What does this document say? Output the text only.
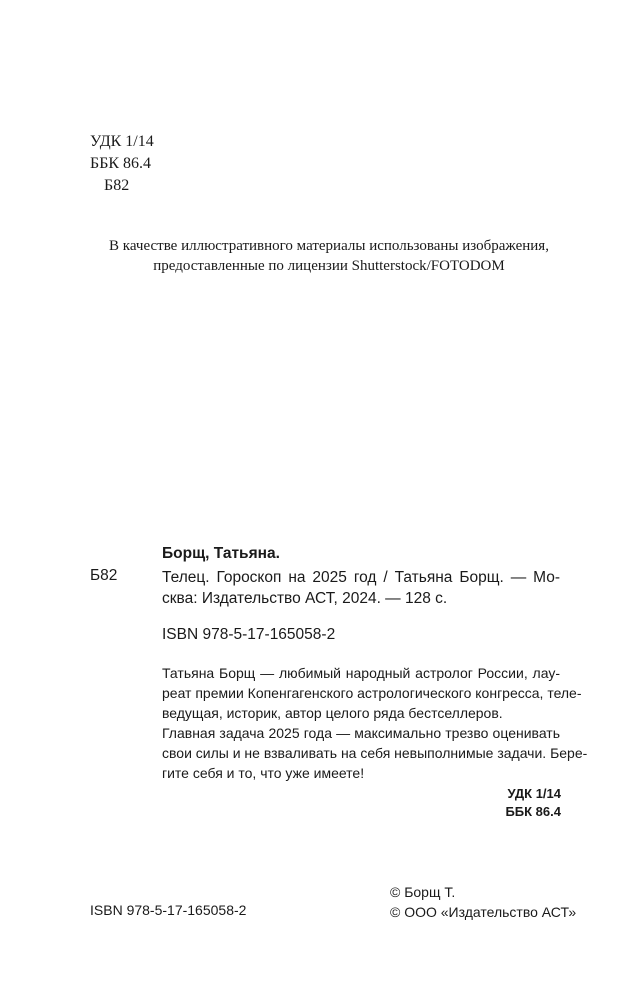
УДК 1/14
ББК 86.4
Б82
В качестве иллюстративного материалы использованы изображения,
предоставленные по лицензии Shutterstock/FOTODOM
Борщ, Татьяна.
Б82	Телец. Гороскоп на 2025 год / Татьяна Борщ. — Мо-
сква: Издательство АСТ, 2024. — 128 с.
ISBN 978-5-17-165058-2
Татьяна Борщ — любимый народный астролог России, лау-
реат премии Копенгагенского астрологического конгресса, теле-
ведущая, историк, автор целого ряда бестселлеров.
Главная задача 2025 года — максимально трезво оценивать
свои силы и не взваливать на себя невыполнимые задачи. Бере-
гите себя и то, что уже имеете!
УДК 1/14
ББК 86.4
ISBN 978-5-17-165058-2
© Борщ Т.
© ООО «Издательство АСТ»
